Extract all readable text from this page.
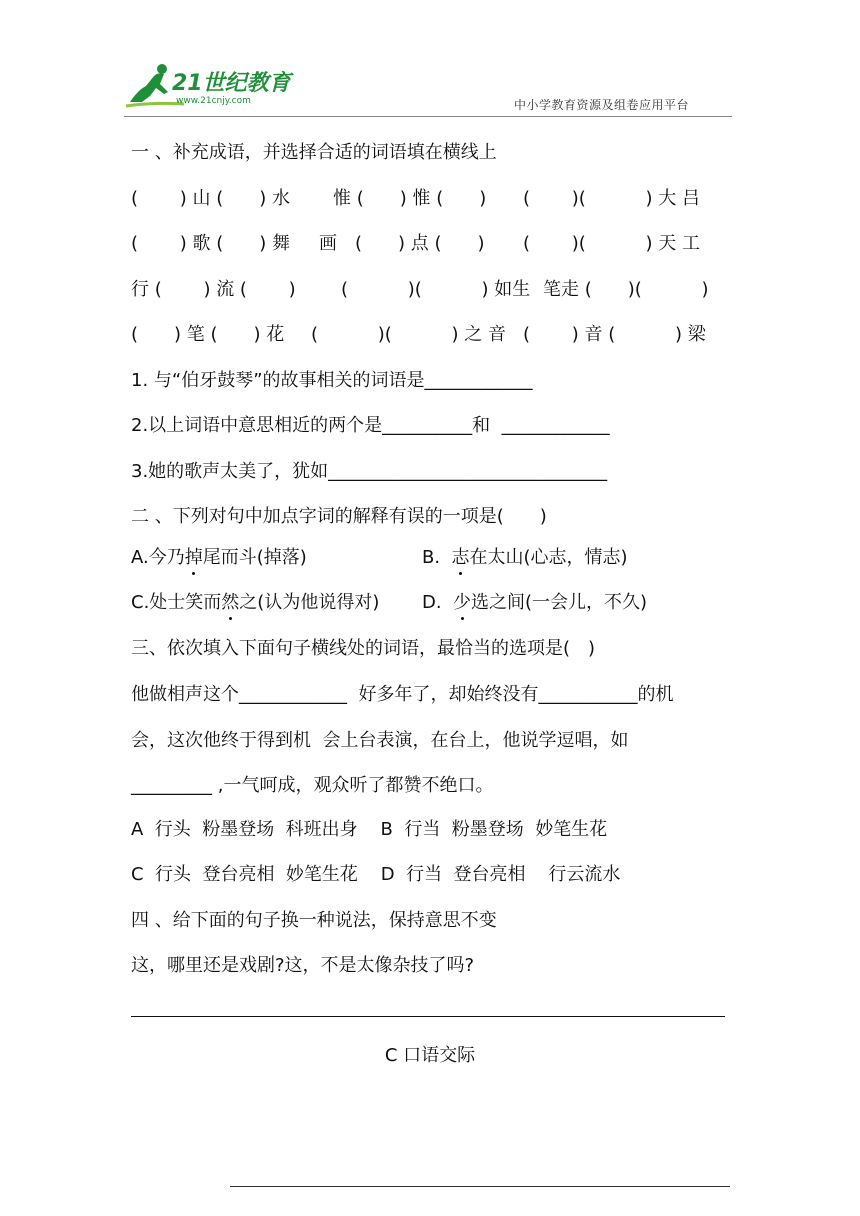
21世纪教育
www.21cnjy.com	中小学教育资源及组卷应用平台
一 、补充成语，并选择合适的词语填在横线上

(　　 ) 山 (　　) 水

惟 (　　) 惟 (　　)

(　　 )(　　　 ) 大 吕

(　　 ) 歌 (　　) 舞

画　(　　) 点 (　　)

(　　 )(　　　 ) 天 工

行 (　　 ) 流 (　　 )

	(　　　 )(　　　 ) 如生

笔走 (　　)(　　　 )

(　　) 笔 (　　) 花

(　　　 )(　　　 ) 之 音

(　　 ) 音 (　　　 ) 梁

1. 与“伯牙鼓琴”的故事相关的词语是____________
2.以上词语中意思相近的两个是__________和  ____________
3.她的歌声太美了，犹如_______________________________
二 、下列对句中加点字词的解释有误的一项是(　　)
A.今乃掉尾而斗(掉落)	B.  志在太山(心志，情志)
C.处士笑而然之(认为他说得对) D.  少选之间(一会儿，不久)
三、依次填入下面句子横线处的词语，最恰当的选项是(　)
他做相声这个____________  好多年了，却始终没有___________的机
会，这次他终于得到机  会上台表演，在台上，他说学逗唱，如
_________ ,一气呵成，观众听了都赞不绝口。
A  行头  粉墨登场  科班出身    B  行当  粉墨登场  妙笔生花
C  行头  登台亮相  妙笔生花    D  行当  登台亮相    行云流水
四 、给下面的句子换一种说法，保持意思不变
这，哪里还是戏剧?这，不是太像杂技了吗?
C 口语交际
